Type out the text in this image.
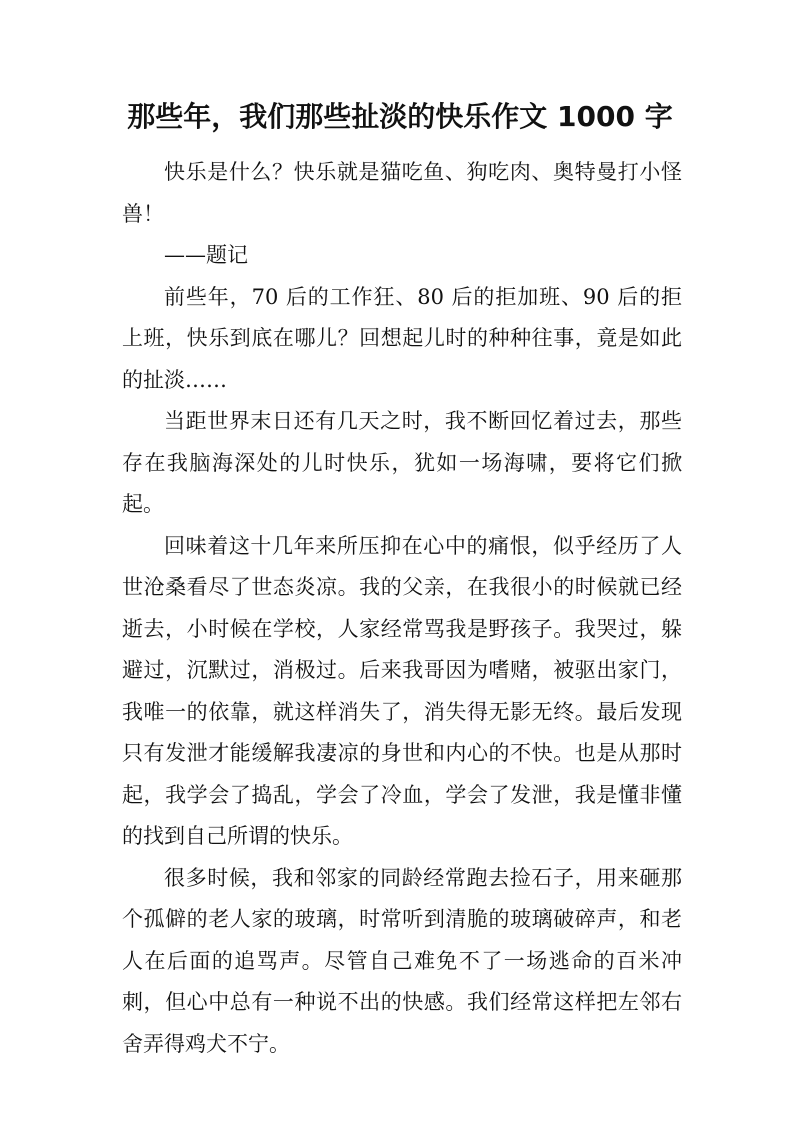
那些年，我们那些扯淡的快乐作文 1000 字

快乐是什么？快乐就是猫吃鱼、狗吃肉、奥特曼打小怪兽！

——题记

前些年，70 后的工作狂、80 后的拒加班、90 后的拒上班，快乐到底在哪儿？回想起儿时的种种往事，竟是如此的扯淡……

当距世界末日还有几天之时，我不断回忆着过去，那些存在我脑海深处的儿时快乐，犹如一场海啸，要将它们掀起。

回味着这十几年来所压抑在心中的痛恨，似乎经历了人世沧桑看尽了世态炎凉。我的父亲，在我很小的时候就已经逝去，小时候在学校，人家经常骂我是野孩子。我哭过，躲避过，沉默过，消极过。后来我哥因为嗜赌，被驱出家门，我唯一的依靠，就这样消失了，消失得无影无终。最后发现只有发泄才能缓解我凄凉的身世和内心的不快。也是从那时起，我学会了捣乱，学会了冷血，学会了发泄，我是懂非懂的找到自己所谓的快乐。

很多时候，我和邻家的同龄经常跑去捡石子，用来砸那个孤僻的老人家的玻璃，时常听到清脆的玻璃破碎声，和老人在后面的追骂声。尽管自己难免不了一场逃命的百米冲刺，但心中总有一种说不出的快感。我们经常这样把左邻右舍弄得鸡犬不宁。
